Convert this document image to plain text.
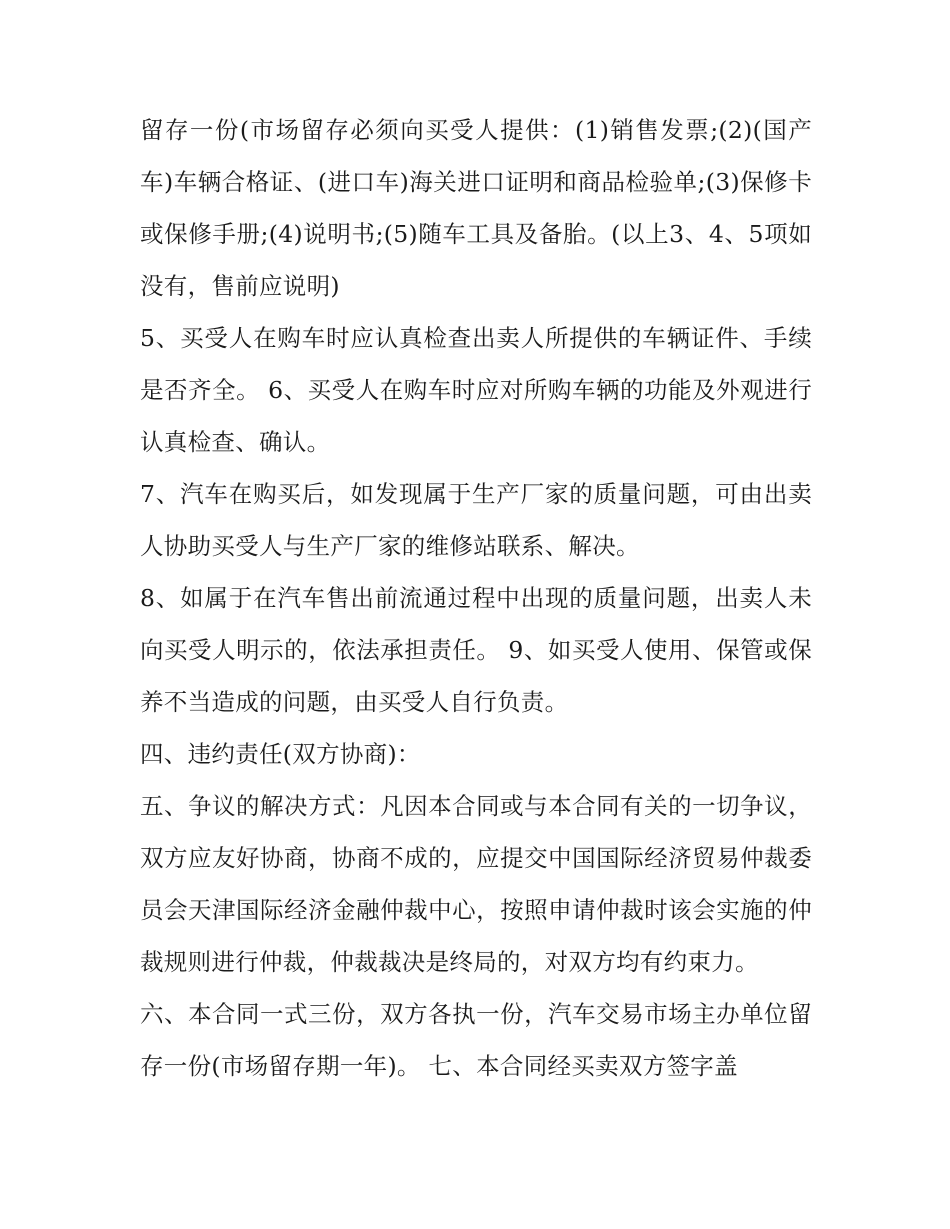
留存一份(市场留存必须向买受人提供：(1)销售发票;(2)(国产车)车辆合格证、(进口车)海关进口证明和商品检验单;(3)保修卡或保修手册;(4)说明书;(5)随车工具及备胎。(以上3、4、5项如没有，售前应说明)

5、买受人在购车时应认真检查出卖人所提供的车辆证件、手续是否齐全。 6、买受人在购车时应对所购车辆的功能及外观进行认真检查、确认。

7、汽车在购买后，如发现属于生产厂家的质量问题，可由出卖人协助买受人与生产厂家的维修站联系、解决。

8、如属于在汽车售出前流通过程中出现的质量问题，出卖人未向买受人明示的，依法承担责任。 9、如买受人使用、保管或保养不当造成的问题，由买受人自行负责。

四、违约责任(双方协商)：

五、争议的解决方式：凡因本合同或与本合同有关的一切争议，双方应友好协商，协商不成的，应提交中国国际经济贸易仲裁委员会天津国际经济金融仲裁中心，按照申请仲裁时该会实施的仲裁规则进行仲裁，仲裁裁决是终局的，对双方均有约束力。

六、本合同一式三份，双方各执一份，汽车交易市场主办单位留存一份(市场留存期一年)。 七、本合同经买卖双方签字盖
